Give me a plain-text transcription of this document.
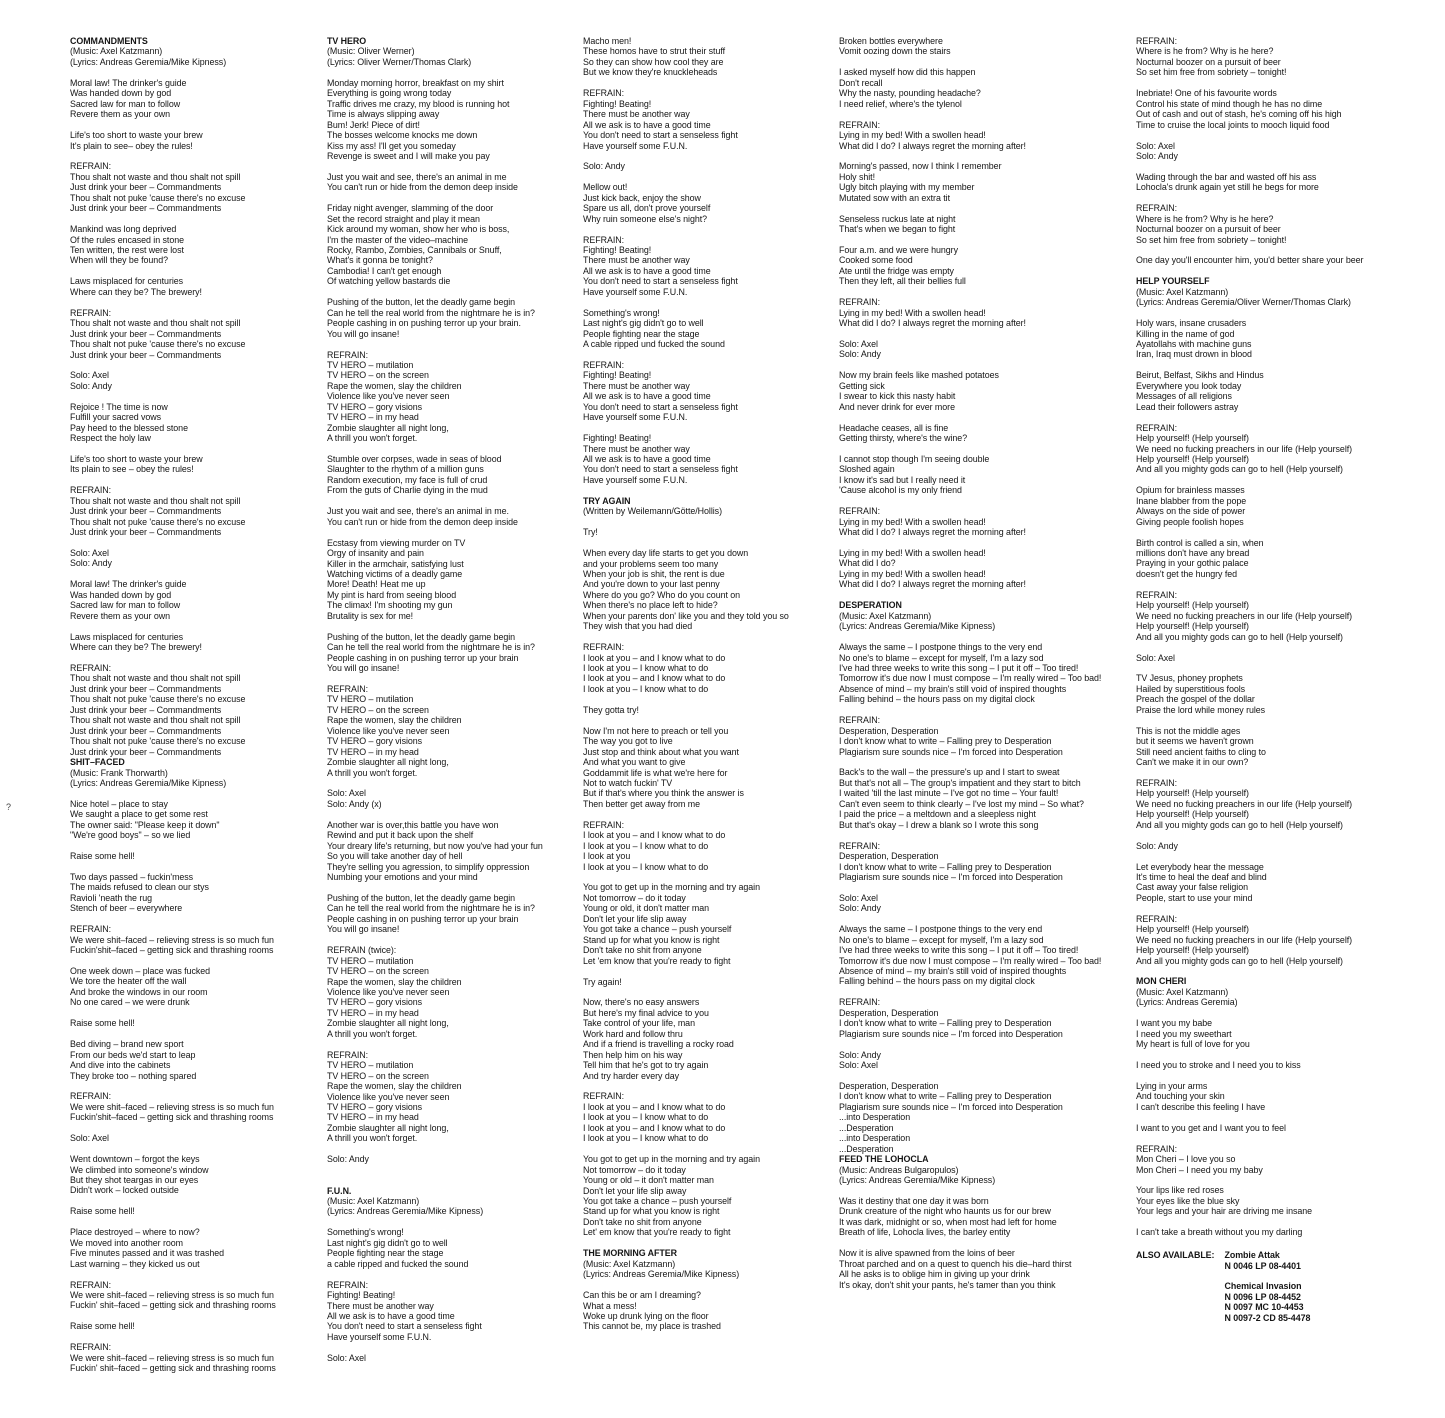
COMMANDMENTS
(Music: Axel Katzmann)
(Lyrics: Andreas Geremia/Mike Kipness)
Moral law! The drinker's guide
Was handed down by god
Sacred law for man to follow
Revere them as your own
Life's too short to waste your brew
It's plain to see– obey the rules!
REFRAIN:
Thou shalt not waste and thou shalt not spill
Just drink your beer – Commandments
Thou shalt not puke 'cause there's no excuse
Just drink your beer – Commandments
Mankind was long deprived
Of the rules encased in stone
Ten written, the rest were lost
When will they be found?
Laws misplaced for centuries
Where can they be? The brewery!
REFRAIN:
Thou shalt not waste and thou shalt not spill
Just drink your beer – Commandments
Thou shalt not puke 'cause there's no excuse
Just drink your beer – Commandments
Solo: Axel
Solo: Andy
Rejoice ! The time is now
Fulfill your sacred vows
Pay heed to the blessed stone
Respect the holy law
Life's too short to waste your brew
Its plain to see – obey the rules!
REFRAIN:
Thou shalt not waste and thou shalt not spill
Just drink your beer – Commandments
Thou shalt not puke 'cause there's no excuse
Just drink your beer – Commandments
Solo: Axel
Solo: Andy
Moral law! The drinker's guide
Was handed down by god
Sacred law for man to follow
Revere them as your own
Laws misplaced for centuries
Where can they be? The brewery!
REFRAIN:
Thou shalt not waste and thou shalt not spill
Just drink your beer – Commandments
Thou shalt not puke 'cause there's no excuse
Just drink your beer – Commandments
Thou shalt not waste and thou shalt not spill
Just drink your beer – Commandments
Thou shalt not puke 'cause there's no excuse
Just drink your beer – Commandments
SHIT–FACED
(Music: Frank Thorwarth)
(Lyrics: Andreas Geremia/Mike Kipness)
Nice hotel – place to stay
We saught a place to get some rest
The owner said: "Please keep it down"
"We're good boys" – so we lied
Raise some hell!
Two days passed – fuckin'mess
The maids refused to clean our stys
Ravioli 'neath the rug
Stench of beer – everywhere
REFRAIN:
We were shit–faced – relieving stress is so much fun
Fuckin'shit–faced – getting sick and thrashing rooms
One week down – place was fucked
We tore the heater off the wall
And broke the windows in our room
No one cared – we were drunk
Raise some hell!
Bed diving – brand new sport
From our beds we'd start to leap
And dive into the cabinets
They broke too – nothing spared
REFRAIN:
We were shit–faced – relieving stress is so much fun
Fuckin'shit–faced – getting sick and thrashing rooms
Solo: Axel
Went downtown – forgot the keys
We climbed into someone's window
But they shot teargas in our eyes
Didn't work – locked outside
Raise some hell!
Place destroyed – where to now?
We moved into another room
Five minutes passed and it was trashed
Last warning – they kicked us out
REFRAIN:
We were shit–faced – relieving stress is so much fun
Fuckin' shit–faced – getting sick and thrashing rooms
Raise some hell!
REFRAIN:
We were shit–faced – relieving stress is so much fun
Fuckin' shit–faced – getting sick and thrashing rooms
TV HERO
(Music: Oliver Werner)
(Lyrics: Oliver Werner/Thomas Clark)
Monday morning horror, breakfast on my shirt
Everything is going wrong today
Traffic drives me crazy, my blood is running hot
Time is always slipping away
Bum! Jerk! Piece of dirt!
The bosses welcome knocks me down
Kiss my ass! I'll get you someday
Revenge is sweet and I will make you pay
Just you wait and see, there's an animal in me
You can't run or hide from the demon deep inside
Friday night avenger, slamming of the door
Set the record straight and play it mean
Kick around my woman, show her who is boss,
I'm the master of the video–machine
Rocky, Rambo, Zombies, Cannibals or Snuff,
What's it gonna be tonight?
Cambodia! I can't get enough
Of watching yellow bastards die
Pushing of the button, let the deadly game begin
Can he tell the real world from the nightmare he is in?
People cashing in on pushing terror up your brain.
You will go insane!
REFRAIN:
TV HERO – mutilation
TV HERO – on the screen
Rape the women, slay the children
Violence like you've never seen
TV HERO – gory visions
TV HERO – in my head
Zombie slaughter all night long,
A thrill you won't forget.
Stumble over corpses, wade in seas of blood
Slaughter to the rhythm of a million guns
Random execution, my face is full of crud
From the guts of Charlie dying in the mud
Just you wait and see, there's an animal in me.
You can't run or hide from the demon deep inside
Ecstasy from viewing murder on TV
Orgy of insanity and pain
Killer in the armchair, satisfying lust
Watching victims of a deadly game
More! Death! Heat me up
My pint is hard from seeing blood
The climax! I'm shooting my gun
Brutality is sex for me!
Pushing of the button, let the deadly game begin
Can he tell the real world from the nightmare he is in?
People cashing in on pushing terror up your brain
You will go insane!
REFRAIN:
TV HERO – mutilation
TV HERO – on the screen
Rape the women, slay the children
Violence like you've never seen
TV HERO – gory visions
TV HERO – in my head
Zombie slaughter all night long,
A thrill you won't forget.
Solo: Axel
Solo: Andy (x)
Another war is over,this battle you have won
Rewind and put it back upon the shelf
Your dreary life's returning, but now you've had your fun
So you will take another day of hell
They're selling you agression, to simplify oppression
Numbing your emotions and your mind
Pushing of the button, let the deadly game begin
Can he tell the real world from the nightmare he is in?
People cashing in on pushing terror up your brain
You will go insane!
REFRAIN (twice):
TV HERO – mutilation
TV HERO – on the screen
Rape the women, slay the children
Violence like you've never seen
TV HERO – gory visions
TV HERO – in my head
Zombie slaughter all night long,
A thrill you won't forget.
REFRAIN:
TV HERO – mutilation
TV HERO – on the screen
Rape the women, slay the children
Violence like you've never seen
TV HERO – gory visions
TV HERO – in my head
Zombie slaughter all night long,
A thrill you won't forget.
Solo: Andy
F.U.N.
(Music: Axel Katzmann)
(Lyrics: Andreas Geremia/Mike Kipness)
Something's wrong!
Last night's gig didn't go to well
People fighting near the stage
a cable ripped and fucked the sound
REFRAIN:
Fighting! Beating!
There must be another way
All we ask is to have a good time
You don't need to start a senseless fight
Have yourself some F.U.N.
Solo: Axel
Macho men!
These homos have to strut their stuff
So they can show how cool they are
But we know they're knuckleheads
REFRAIN:
Fighting! Beating!
There must be another way
All we ask is to have a good time
You don't need to start a senseless fight
Have yourself some F.U.N.
Solo: Andy
Mellow out!
Just kick back, enjoy the show
Spare us all, don't prove yourself
Why ruin someone else's night?
REFRAIN:
Fighting! Beating!
There must be another way
All we ask is to have a good time
You don't need to start a senseless fight
Have yourself some F.U.N.
Something's wrong!
Last night's gig didn't go to well
People fighting near the stage
A cable ripped und fucked the sound
REFRAIN:
Fighting! Beating!
There must be another way
All we ask is to have a good time
You don't need to start a senseless fight
Have yourself some F.U.N.
Fighting! Beating!
There must be another way
All we ask is to have a good time
You don't need to start a senseless fight
Have yourself some F.U.N.
TRY AGAIN
(Written by Weilemann/Götte/Hollis)
Try!
When every day life starts to get you down
and your problems seem too many
When your job is shit, the rent is due
And you're down to your last penny
Where do you go? Who do you count on
When there's no place left to hide?
When your parents don' like you and they told you so
They wish that you had died
REFRAIN:
I look at you – and I know what to do
I look at you – I know what to do
I look at you – and I know what to do
I look at you – I know what to do
They gotta try!
Now I'm not here to preach or tell you
The way you got to live
Just stop and think about what you want
And what you want to give
Goddammit life is what we're here for
Not to watch fuckin' TV
But if that's where you think the answer is
Then better get away from me
REFRAIN:
I look at you – and I know what to do
I look at you – I know what to do
I look at you
I look at you – I know what to do
You got to get up in the morning and try again
Not tomorrow – do it today
Young or old, it don't matter man
Don't let your life slip away
You got take a chance – push yourself
Stand up for what you know is right
Don't take no shit from anyone
Let 'em know that you're ready to fight
Try again!
Now, there's no easy answers
But here's my final advice to you
Take control of your life, man
Work hard and follow thru
And if a friend is travelling a rocky road
Then help him on his way
Tell him that he's got to try again
And try harder every day
REFRAIN:
I look at you – and I know what to do
I look at you – I know what to do
I look at you – and I know what to do
I look at you – I know what to do
You got to get up in the morning and try again
Not tomorrow – do it today
Young or old – it don't matter man
Don't let your life slip away
You got take a chance – push yourself
Stand up for what you know is right
Don't take no shit from anyone
Let' em know that you're ready to fight
THE MORNING AFTER
(Music: Axel Katzmann)
(Lyrics: Andreas Geremia/Mike Kipness)
Can this be or am I dreaming?
What a mess!
Woke up drunk lying on the floor
This cannot be, my place is trashed
Broken bottles everywhere
Vomit oozing down the stairs
I asked myself how did this happen
Don't recall
Why the nasty, pounding headache?
I need relief, where's the tylenol
REFRAIN:
Lying in my bed! With a swollen head!
What did I do? I always regret the morning after!
Morning's passed, now I think I remember
Holy shit!
Ugly bitch playing with my member
Mutated sow with an extra tit
Senseless ruckus late at night
That's when we began to fight
Four a.m. and we were hungry
Cooked some food
Ate until the fridge was empty
Then they left, all their bellies full
REFRAIN:
Lying in my bed! With a swollen head!
What did I do? I always regret the morning after!
Solo: Axel
Solo: Andy
Now my brain feels like mashed potatoes
Getting sick
I swear to kick this nasty habit
And never drink for ever more
Headache ceases, all is fine
Getting thirsty, where's the wine?
I cannot stop though I'm seeing double
Sloshed again
I know it's sad but I really need it
'Cause alcohol is my only friend
REFRAIN:
Lying in my bed! With a swollen head!
What did I do? I always regret the morning after!
Lying in my bed! With a swollen head!
What did I do?
Lying in my bed! With a swollen head!
What did I do? I always regret the morning after!
DESPERATION
(Music: Axel Katzmann)
(Lyrics: Andreas Geremia/Mike Kipness)
Always the same – I postpone things to the very end
No one's to blame – except for myself, I'm a lazy sod
I've had three weeks to write this song – I put it off – Too tired!
Tomorrow it's due now I must compose – I'm really wired – Too bad!
Absence of mind – my brain's still void of inspired thoughts
Falling behind – the hours pass on my digital clock
REFRAIN:
Desperation, Desperation
I don't know what to write – Falling prey to Desperation
Plagiarism sure sounds nice – I'm forced into Desperation
Back's to the wall – the pressure's up and I start to sweat
But that's not all – The group's impatient and they start to bitch
I waited 'till the last minute – I've got no time – Your fault!
Can't even seem to think clearly – I've lost my mind – So what?
I paid the price – a meltdown and a sleepless night
But that's okay – I drew a blank so I wrote this song
REFRAIN:
Desperation, Desperation
I don't know what to write – Falling prey to Desperation
Plagiarism sure sounds nice – I'm forced into Desperation
Solo: Axel
Solo: Andy
Always the same – I postpone things to the very end
No one's to blame – except for myself, I'm a lazy sod
I've had three weeks to write this song – I put it off – Too tired!
Tomorrow it's due now I must compose – I'm really wired – Too bad!
Absence of mind – my brain's still void of inspired thoughts
Falling behind – the hours pass on my digital clock
REFRAIN:
Desperation, Desperation
I don't know what to write – Falling prey to Desperation
Plagiarism sure sounds nice – I'm forced into Desperation
Solo: Andy
Solo: Axel
Desperation, Desperation
I don't know what to write – Falling prey to Desperation
Plagiarism sure sounds nice – I'm forced into Desperation
...into Desperation
...Desperation
...into Desperation
...Desperation
FEED THE LOHOCLA
(Music: Andreas Bulgaropulos)
(Lyrics: Andreas Geremia/Mike Kipness)
Was it destiny that one day it was born
Drunk creature of the night who haunts us for our brew
It was dark, midnight or so, when most had left for home
Breath of life, Lohocla lives, the barley entity
Now it is alive spawned from the loins of beer
Throat parched and on a quest to quench his die–hard thirst
All he asks is to oblige him in giving up your drink
It's okay, don't shit your pants, he's tamer than you think
REFRAIN:
Where is he from? Why is he here?
Nocturnal boozer on a pursuit of beer
So set him free from sobriety – tonight!
Inebriate! One of his favourite words
Control his state of mind though he has no dime
Out of cash and out of stash, he's coming off his high
Time to cruise the local joints to mooch liquid food
Solo: Axel
Solo: Andy
Wading through the bar and wasted off his ass
Lohocla's drunk again yet still he begs for more
REFRAIN:
Where is he from? Why is he here?
Nocturnal boozer on a pursuit of beer
So set him free from sobriety – tonight!
One day you'll encounter him, you'd better share your beer
HELP YOURSELF
(Music: Axel Katzmann)
(Lyrics: Andreas Geremia/Oliver Werner/Thomas Clark)
Holy wars, insane crusaders
Killing in the name of god
Ayatollahs with machine guns
Iran, Iraq must drown in blood
Beirut, Belfast, Sikhs and Hindus
Everywhere you look today
Messages of all religions
Lead their followers astray
REFRAIN:
Help yourself! (Help yourself)
We need no fucking preachers in our life (Help yourself)
Help yourself! (Help yourself)
And all you mighty gods can go to hell (Help yourself)
Opium for brainless masses
Inane blabber from the pope
Always on the side of power
Giving people foolish hopes
Birth control is called a sin, when
millions don't have any bread
Praying in your gothic palace
doesn't get the hungry fed
REFRAIN:
Help yourself! (Help yourself)
We need no fucking preachers in our life (Help yourself)
Help yourself! (Help yourself)
And all you mighty gods can go to hell (Help yourself)
Solo: Axel
TV Jesus, phoney prophets
Hailed by superstitious fools
Preach the gospel of the dollar
Praise the lord while money rules
This is not the middle ages
but it seems we haven't grown
Still need ancient faiths to cling to
Can't we make it in our own?
REFRAIN:
Help yourself! (Help yourself)
We need no fucking preachers in our life (Help yourself)
Help yourself! (Help yourself)
And all you mighty gods can go to hell (Help yourself)
Solo: Andy
Let everybody hear the message
It's time to heal the deaf and blind
Cast away your false religion
People, start to use your mind
REFRAIN:
Help yourself! (Help yourself)
We need no fucking preachers in our life (Help yourself)
Help yourself! (Help yourself)
And all you mighty gods can go to hell (Help yourself)
MON CHERI
(Music: Axel Katzmann)
(Lyrics: Andreas Geremia)
I want you my babe
I need you my sweethart
My heart is full of love for you
I need you to stroke and I need you to kiss
Lying in your arms
And touching your skin
I can't describe this feeling I have
I want to you get and I want you to feel
REFRAIN:
Mon Cheri – I love you so
Mon Cheri – I need you my baby
Your lips like red roses
Your eyes like the blue sky
Your legs and your hair are driving me insane
I can't take a breath without you my darling
ALSO AVAILABLE: Zombie Attak
N 0046 LP 08-4401
Chemical Invasion
N 0096 LP 08-4452
N 0097 MC 10-4453
N 0097-2 CD 85-4478
?
